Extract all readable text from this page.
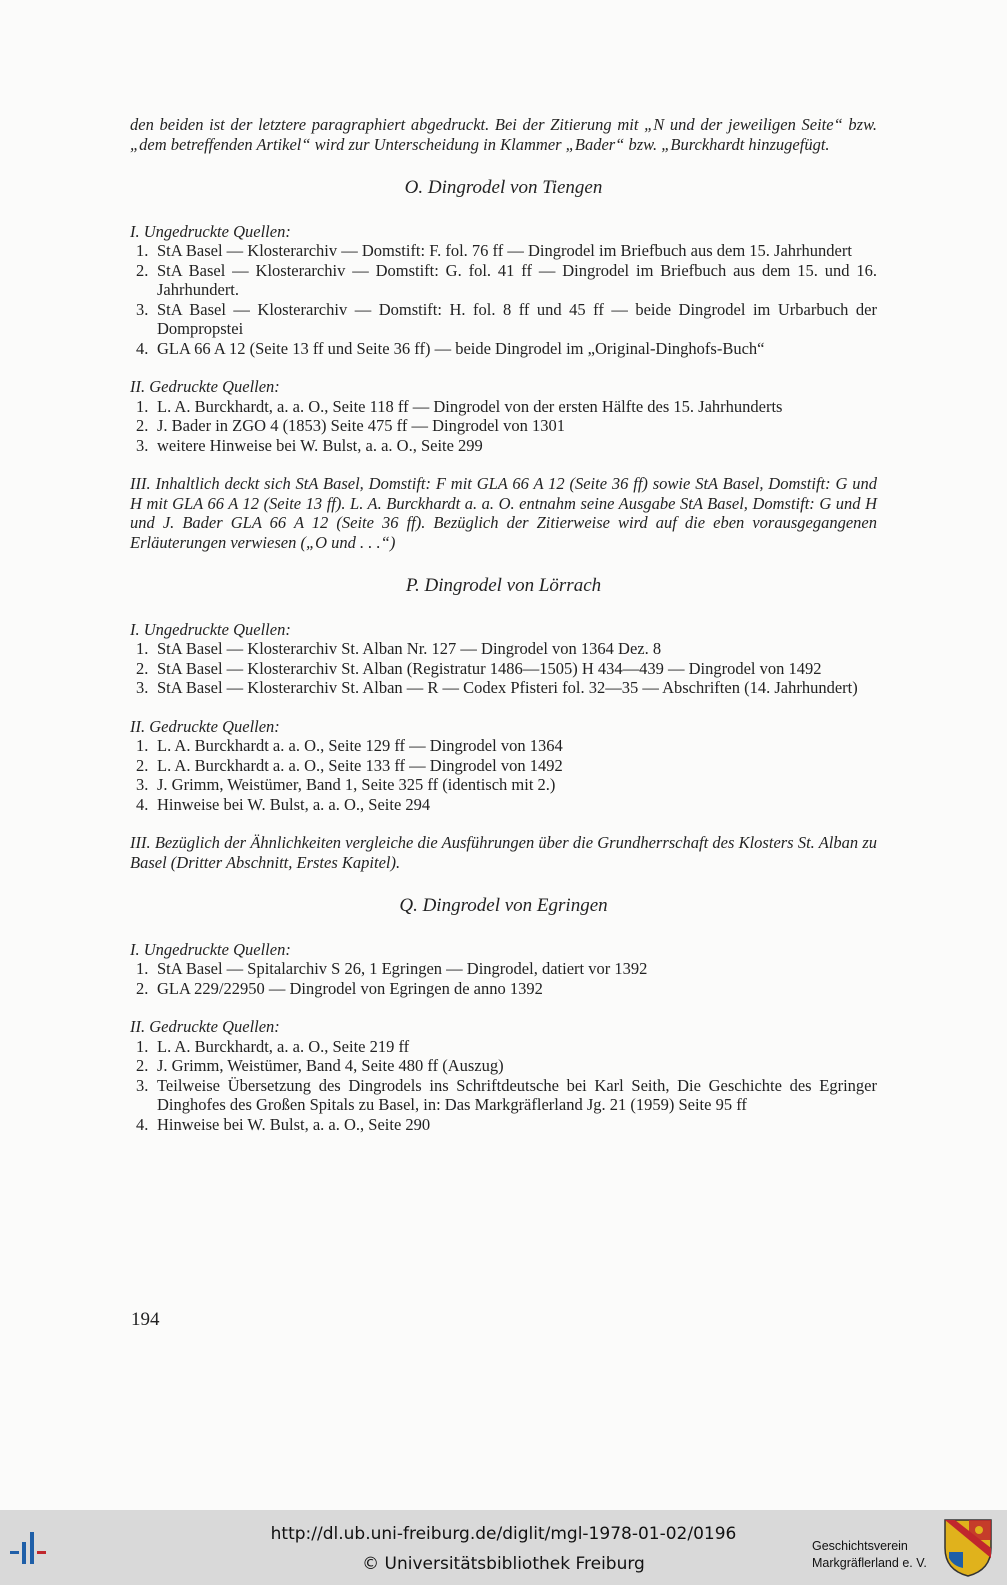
den beiden ist der letztere paragraphiert abgedruckt. Bei der Zitierung mit „N und der jeweiligen Seite“ bzw. „dem betreffenden Artikel“ wird zur Unterscheidung in Klammer „Bader“ bzw. „Burckhardt hinzugefügt.

O. Dingrodel von Tiengen
I. Ungedruckte Quellen:
1. StA Basel — Klosterarchiv — Domstift: F. fol. 76 ff — Dingrodel im Briefbuch aus dem 15. Jahrhundert
2. StA Basel — Klosterarchiv — Domstift: G. fol. 41 ff — Dingrodel im Briefbuch aus dem 15. und 16. Jahrhundert.
3. StA Basel — Klosterarchiv — Domstift: H. fol. 8 ff und 45 ff — beide Dingrodel im Urbarbuch der Dompropstei
4. GLA 66 A 12 (Seite 13 ff und Seite 36 ff) — beide Dingrodel im „Original-Dinghofs-Buch“
II. Gedruckte Quellen:
1. L. A. Burckhardt, a. a. O., Seite 118 ff — Dingrodel von der ersten Hälfte des 15. Jahrhunderts
2. J. Bader in ZGO 4 (1853) Seite 475 ff — Dingrodel von 1301
3. weitere Hinweise bei W. Bulst, a. a. O., Seite 299

III. Inhaltlich deckt sich StA Basel, Domstift: F mit GLA 66 A 12 (Seite 36 ff) sowie StA Basel, Domstift: G und H mit GLA 66 A 12 (Seite 13 ff). L. A. Burckhardt a. a. O. entnahm seine Ausgabe StA Basel, Domstift: G und H und J. Bader GLA 66 A 12 (Seite 36 ff). Bezüglich der Zitierweise wird auf die eben vorausgegangenen Erläuterungen verwiesen („O und . . .“)

P. Dingrodel von Lörrach
I. Ungedruckte Quellen:
1. StA Basel — Klosterarchiv St. Alban Nr. 127 — Dingrodel von 1364 Dez. 8
2. StA Basel — Klosterarchiv St. Alban (Registratur 1486—1505) H 434—439 — Dingrodel von 1492
3. StA Basel — Klosterarchiv St. Alban — R — Codex Pfisteri fol. 32—35 — Abschriften (14. Jahrhundert)
II. Gedruckte Quellen:
1. L. A. Burckhardt a. a. O., Seite 129 ff — Dingrodel von 1364
2. L. A. Burckhardt a. a. O., Seite 133 ff — Dingrodel von 1492
3. J. Grimm, Weistümer, Band 1, Seite 325 ff (identisch mit 2.)
4. Hinweise bei W. Bulst, a. a. O., Seite 294

III. Bezüglich der Ähnlichkeiten vergleiche die Ausführungen über die Grundherrschaft des Klosters St. Alban zu Basel (Dritter Abschnitt, Erstes Kapitel).

Q. Dingrodel von Egringen
I. Ungedruckte Quellen:
1. StA Basel — Spitalarchiv S 26, 1 Egringen — Dingrodel, datiert vor 1392
2. GLA 229/22950 — Dingrodel von Egringen de anno 1392
II. Gedruckte Quellen:
1. L. A. Burckhardt, a. a. O., Seite 219 ff
2. J. Grimm, Weistümer, Band 4, Seite 480 ff (Auszug)
3. Teilweise Übersetzung des Dingrodels ins Schriftdeutsche bei Karl Seith, Die Geschichte des Egringer Dinghofes des Großen Spitals zu Basel, in: Das Markgräflerland Jg. 21 (1959) Seite 95 ff
4. Hinweise bei W. Bulst, a. a. O., Seite 290
194
http://dl.ub.uni-freiburg.de/diglit/mgl-1978-01-02/0196
© Universitätsbibliothek Freiburg
Geschichtsverein
Markgräflerland e. V.
